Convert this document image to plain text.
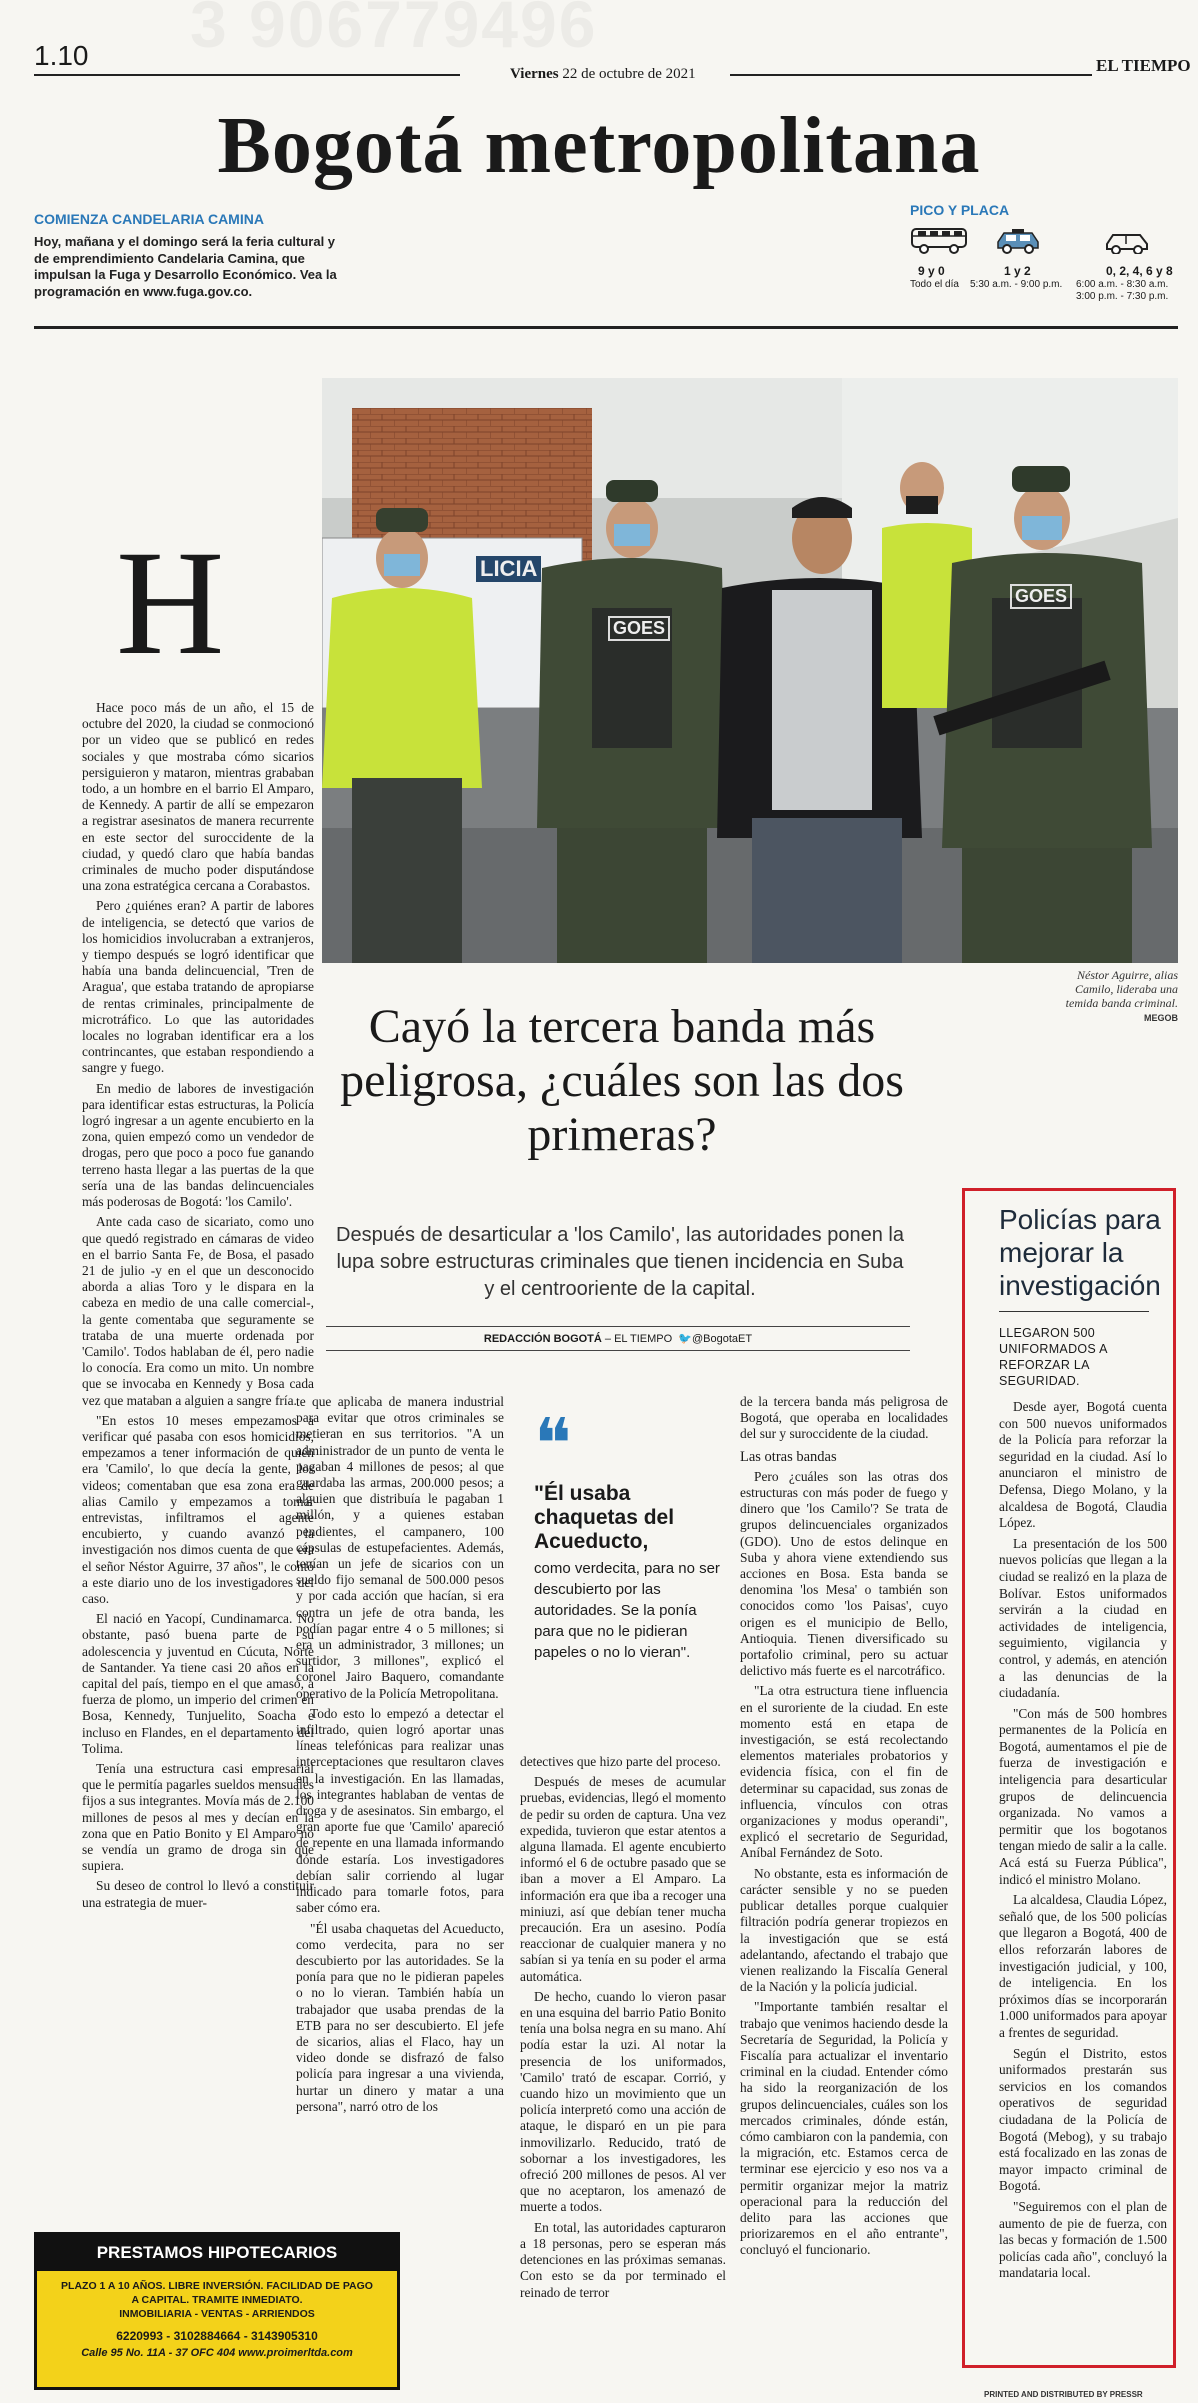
3 906779496
1.10
Viernes 22 de octubre de 2021	EL TIEMPO
Bogotá metropolitana
COMIENZA CANDELARIA CAMINA
Hoy, mañana y el domingo será la feria cultural y de emprendimiento Candelaria Camina, que impulsan la Fuga y Desarrollo Económico. Vea la programación en www.fuga.gov.co.
PICO Y PLACA
9 y 0
Todo el día
1 y 2
5:30 a.m. - 9:00 p.m.
0, 2, 4, 6 y 8
6:00 a.m. - 8:30 a.m.
3:00 p.m. - 7:30 p.m.
GOES
GOES
LICIA
Néstor Aguirre, alias Camilo, lideraba una temida banda criminal. MEGOB
H
Cayó la tercera banda más peligrosa, ¿cuáles son las dos primeras?
Después de desarticular a 'los Camilo', las autoridades ponen la lupa sobre estructuras criminales que tienen incidencia en Suba y el centrooriente de la capital.
REDACCIÓN BOGOTÁ – EL TIEMPO 🐦@BogotaET

Hace poco más de un año, el 15 de octubre del 2020, la ciudad se conmocionó por un video que se publicó en redes sociales y que mostraba cómo sicarios persiguieron y mataron, mientras grababan todo, a un hombre en el barrio El Amparo, de Kennedy. A partir de allí se empezaron a registrar asesinatos de manera recurrente en este sector del suroccidente de la ciudad, y quedó claro que había bandas criminales de mucho poder disputándose una zona estratégica cercana a Corabastos.

Pero ¿quiénes eran? A partir de labores de inteligencia, se detectó que varios de los homicidios involucraban a extranjeros, y tiempo después se logró identificar que había una banda delincuencial, 'Tren de Aragua', que estaba tratando de apropiarse de rentas criminales, principalmente de microtráfico. Lo que las autoridades locales no lograban identificar era a los contrincantes, que estaban respondiendo a sangre y fuego.

En medio de labores de investigación para identificar estas estructuras, la Policía logró ingresar a un agente encubierto en la zona, quien empezó como un vendedor de drogas, pero que poco a poco fue ganando terreno hasta llegar a las puertas de la que sería una de las bandas delincuenciales más poderosas de Bogotá: 'los Camilo'.

Ante cada caso de sicariato, como uno que quedó registrado en cámaras de video en el barrio Santa Fe, de Bosa, el pasado 21 de julio -y en el que un desconocido aborda a alias Toro y le dispara en la cabeza en medio de una calle comercial-, la gente comentaba que seguramente se trataba de una muerte ordenada por 'Camilo'. Todos hablaban de él, pero nadie lo conocía. Era como un mito. Un nombre que se invocaba en Kennedy y Bosa cada vez que mataban a alguien a sangre fría.

"En estos 10 meses empezamos a verificar qué pasaba con esos homicidios, empezamos a tener información de quién era 'Camilo', lo que decía la gente, los videos; comentaban que esa zona era de alias Camilo y empezamos a tomar entrevistas, infiltramos el agente encubierto, y cuando avanzó la investigación nos dimos cuenta de que era el señor Néstor Aguirre, 37 años", le contó a este diario uno de los investigadores del caso.

El nació en Yacopí, Cundinamarca. No obstante, pasó buena parte de su adolescencia y juventud en Cúcuta, Norte de Santander. Ya tiene casi 20 años en la capital del país, tiempo en el que amasó, a fuerza de plomo, un imperio del crimen en Bosa, Kennedy, Tunjuelito, Soacha e incluso en Flandes, en el departamento del Tolima.

Tenía una estructura casi empresarial que le permitía pagarles sueldos mensuales fijos a sus integrantes. Movía más de 2.100 millones de pesos al mes y decían en la zona que en Patio Bonito y El Amparo no se vendía un gramo de droga sin que supiera.

Su deseo de control lo llevó a constituir una estrategia de muer-

te que aplicaba de manera industrial para evitar que otros criminales se metieran en sus territorios. "A un administrador de un punto de venta le pagaban 4 millones de pesos; al que guardaba las armas, 200.000 pesos; a alguien que distribuía le pagaban 1 millón, y a quienes estaban pendientes, el campanero, 100 cápsulas de estupefacientes. Además, tenían un jefe de sicarios con un sueldo fijo semanal de 500.000 pesos y por cada acción que hacían, si era contra un jefe de otra banda, les podían pagar entre 4 o 5 millones; si era un administrador, 3 millones; un surtidor, 3 millones", explicó el coronel Jairo Baquero, comandante operativo de la Policía Metropolitana.

Todo esto lo empezó a detectar el infiltrado, quien logró aportar unas líneas telefónicas para realizar unas interceptaciones que resultaron claves en la investigación. En las llamadas, los integrantes hablaban de ventas de droga y de asesinatos. Sin embargo, el gran aporte fue que 'Camilo' apareció de repente en una llamada informando dónde estaría. Los investigadores debían salir corriendo al lugar indicado para tomarle fotos, para saber cómo era.

"Él usaba chaquetas del Acueducto, como verdecita, para no ser descubierto por las autoridades. Se la ponía para que no le pidieran papeles o no lo vieran. También había un trabajador que usaba prendas de la ETB para no ser descubierto. El jefe de sicarios, alias el Flaco, hay un video donde se disfrazó de falso policía para ingresar a una vivienda, hurtar un dinero y matar a una persona", narró otro de los

❝
"Él usaba chaquetas del Acueducto,
como verdecita, para no ser descubierto por las autoridades. Se la ponía para que no le pidieran papeles o no lo vieran".

detectives que hizo parte del proceso.

Después de meses de acumular pruebas, evidencias, llegó el momento de pedir su orden de captura. Una vez expedida, tuvieron que estar atentos a alguna llamada. El agente encubierto informó el 6 de octubre pasado que se iban a mover a El Amparo. La información era que iba a recoger una miniuzi, así que debían tener mucha precaución. Era un asesino. Podía reaccionar de cualquier manera y no sabían si ya tenía en su poder el arma automática.

De hecho, cuando lo vieron pasar en una esquina del barrio Patio Bonito tenía una bolsa negra en su mano. Ahí podía estar la uzi. Al notar la presencia de los uniformados, 'Camilo' trató de escapar. Corrió, y cuando hizo un movimiento que un policía interpretó como una acción de ataque, le disparó en un pie para inmovilizarlo. Reducido, trató de sobornar a los investigadores, les ofreció 200 millones de pesos. Al ver que no aceptaron, los amenazó de muerte a todos.

En total, las autoridades capturaron a 18 personas, pero se esperan más detenciones en las próximas semanas. Con esto se da por terminado el reinado de terror

de la tercera banda más peligrosa de Bogotá, que operaba en localidades del sur y suroccidente de la ciudad.

Las otras bandas

Pero ¿cuáles son las otras dos estructuras con más poder de fuego y dinero que 'los Camilo'? Se trata de grupos delincuenciales organizados (GDO). Uno de estos delinque en Suba y ahora viene extendiendo sus acciones en Bosa. Esta banda se denomina 'los Mesa' o también son conocidos como 'los Paisas', cuyo origen es el municipio de Bello, Antioquia. Tienen diversificado su portafolio criminal, pero su actuar delictivo más fuerte es el narcotráfico.

"La otra estructura tiene influencia en el suroriente de la ciudad. En este momento está en etapa de investigación, se está recolectando elementos materiales probatorios y evidencia física, con el fin de determinar su capacidad, sus zonas de influencia, vínculos con otras organizaciones y modus operandi", explicó el secretario de Seguridad, Aníbal Fernández de Soto.

No obstante, esta es información de carácter sensible y no se pueden publicar detalles porque cualquier filtración podría generar tropiezos en la investigación que se está adelantando, afectando el trabajo que vienen realizando la Fiscalía General de la Nación y la policía judicial.

"Importante también resaltar el trabajo que venimos haciendo desde la Secretaría de Seguridad, la Policía y Fiscalía para actualizar el inventario criminal en la ciudad. Entender cómo ha sido la reorganización de los grupos delincuenciales, cuáles son los mercados criminales, dónde están, cómo cambiaron con la pandemia, con la migración, etc. Estamos cerca de terminar ese ejercicio y eso nos va a permitir organizar mejor la matriz operacional para la reducción del delito para las acciones que priorizaremos en el año entrante", concluyó el funcionario.

Policías para mejorar la investigación
LLEGARON 500 UNIFORMADOS A REFORZAR LA SEGURIDAD.

Desde ayer, Bogotá cuenta con 500 nuevos uniformados de la Policía para reforzar la seguridad en la ciudad. Así lo anunciaron el ministro de Defensa, Diego Molano, y la alcaldesa de Bogotá, Claudia López.

La presentación de los 500 nuevos policías que llegan a la ciudad se realizó en la plaza de Bolívar. Estos uniformados servirán a la ciudad en actividades de inteligencia, seguimiento, vigilancia y control, y además, en atención a las denuncias de la ciudadanía.

"Con más de 500 hombres permanentes de la Policía en Bogotá, aumentamos el pie de fuerza de investigación e inteligencia para desarticular grupos de delincuencia organizada. No vamos a permitir que los bogotanos tengan miedo de salir a la calle. Acá está su Fuerza Pública", indicó el ministro Molano.

La alcaldesa, Claudia López, señaló que, de los 500 policías que llegaron a Bogotá, 400 de ellos reforzarán labores de investigación judicial, y 100, de inteligencia. En los próximos días se incorporarán 1.000 uniformados para apoyar a frentes de seguridad.

Según el Distrito, estos uniformados prestarán sus servicios en los comandos operativos de seguridad ciudadana de la Policía de Bogotá (Mebog), y su trabajo está focalizado en las zonas de mayor impacto criminal de Bogotá.

"Seguiremos con el plan de aumento de pie de fuerza, con las becas y formación de 1.500 policías cada año", concluyó la mandataria local.

PRESTAMOS HIPOTECARIOS
PLAZO 1 A 10 AÑOS. LIBRE INVERSIÓN. FACILIDAD DE PAGO
A CAPITAL. TRAMITE INMEDIATO.
INMOBILIARIA - VENTAS - ARRIENDOS
6220993 - 3102884664 - 3143905310
Calle 95 No. 11A - 37 OFC 404 www.proimerltda.com
PRINTED AND DISTRIBUTED BY PRESSR
